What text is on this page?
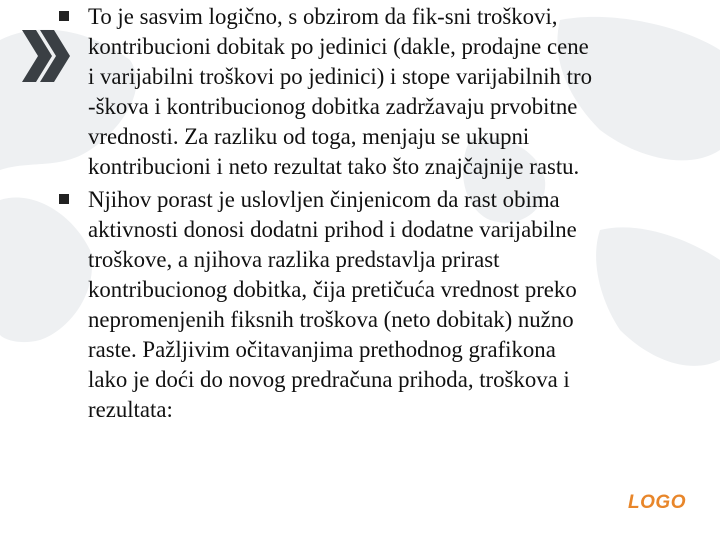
To je sasvim logično, s obzirom da fik-sni troškovi,
kontribucioni dobitak po jedinici (dakle, prodajne cene
i varijabilni troškovi po jedinici) i stope varijabilnih tro
-škova i kontribucionog dobitka zadržavaju prvobitne
vrednosti. Za razliku od toga, menjaju se ukupni
kontribucioni i neto rezultat tako što znajčajnije rastu.
Njihov porast je uslovljen činjenicom da rast obima
aktivnosti donosi dodatni prihod i dodatne varijabilne
troškove, a njihova razlika predstavlja prirast
kontribucionog dobitka, čija pretičuća vrednost preko
nepromenjenih fiksnih troškova (neto dobitak) nužno
raste. Pažljivim očitavanjima prethodnog grafikona
lako je doći do novog predračuna prihoda, troškova i
rezultata:
LOGO
